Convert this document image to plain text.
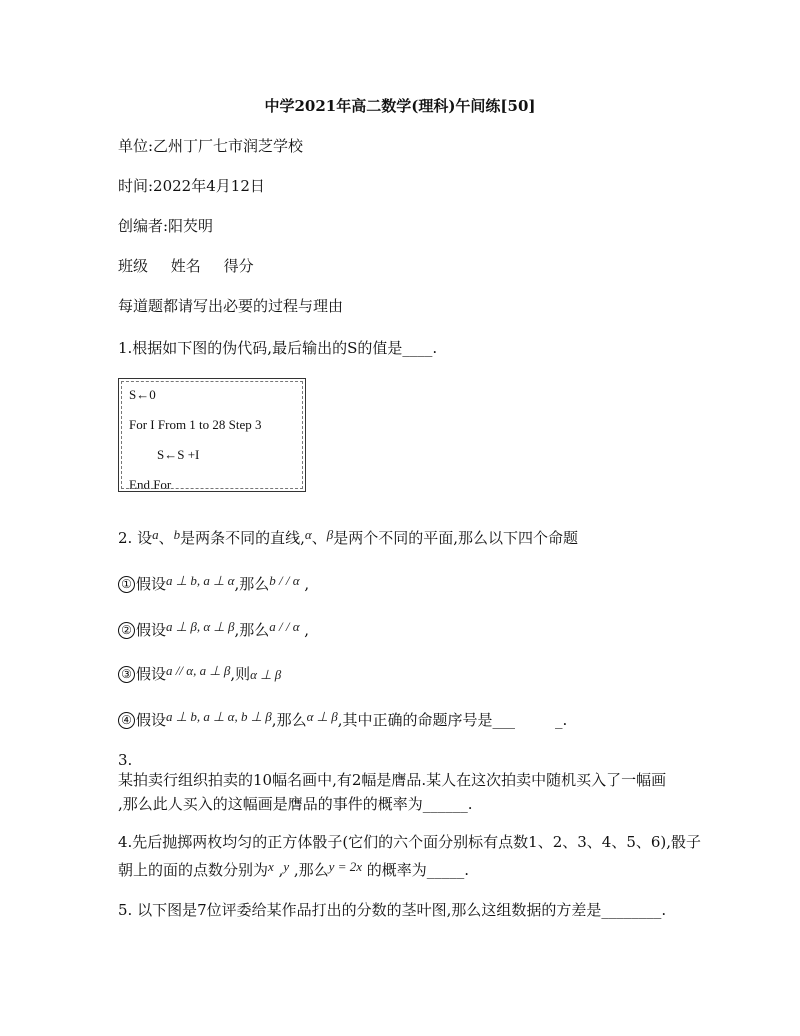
中学2021年高二数学(理科)午间练[50]
单位:乙州丁厂七市润芝学校
时间:2022年4月12日
创编者:阳芡明
班级 姓名 得分
每道题都请写出必要的过程与理由
1.根据如下图的伪代码,最后输出的S的值是____.
S←0
For I From 1 to 28 Step 3
S←S +I
End For
2. 设a、b是两条不同的直线,α、β是两个不同的平面,那么以下四个命题
① 假设a ⊥ b, a ⊥ α,那么b / / α ,
② 假设a ⊥ β, α ⊥ β,那么a / / α ,
③ 假设a // α, a ⊥ β,则α ⊥ β
④ 假设a ⊥ b, a ⊥ α, b ⊥ β,那么α ⊥ β,其中正确的命题序号是___	_.
3.
某拍卖行组织拍卖的10幅名画中,有2幅是膺品.某人在这次拍卖中随机买入了一幅画
,那么此人买入的这幅画是膺品的事件的概率为______.
4.先后抛掷两枚均匀的正方体骰子(它们的六个面分别标有点数1、2、3、4、5、6),骰子
朝上的面的点数分别为x ,y ,那么y = 2x 的概率为_____.
5. 以下图是7位评委给某作品打出的分数的茎叶图,那么这组数据的方差是________.
